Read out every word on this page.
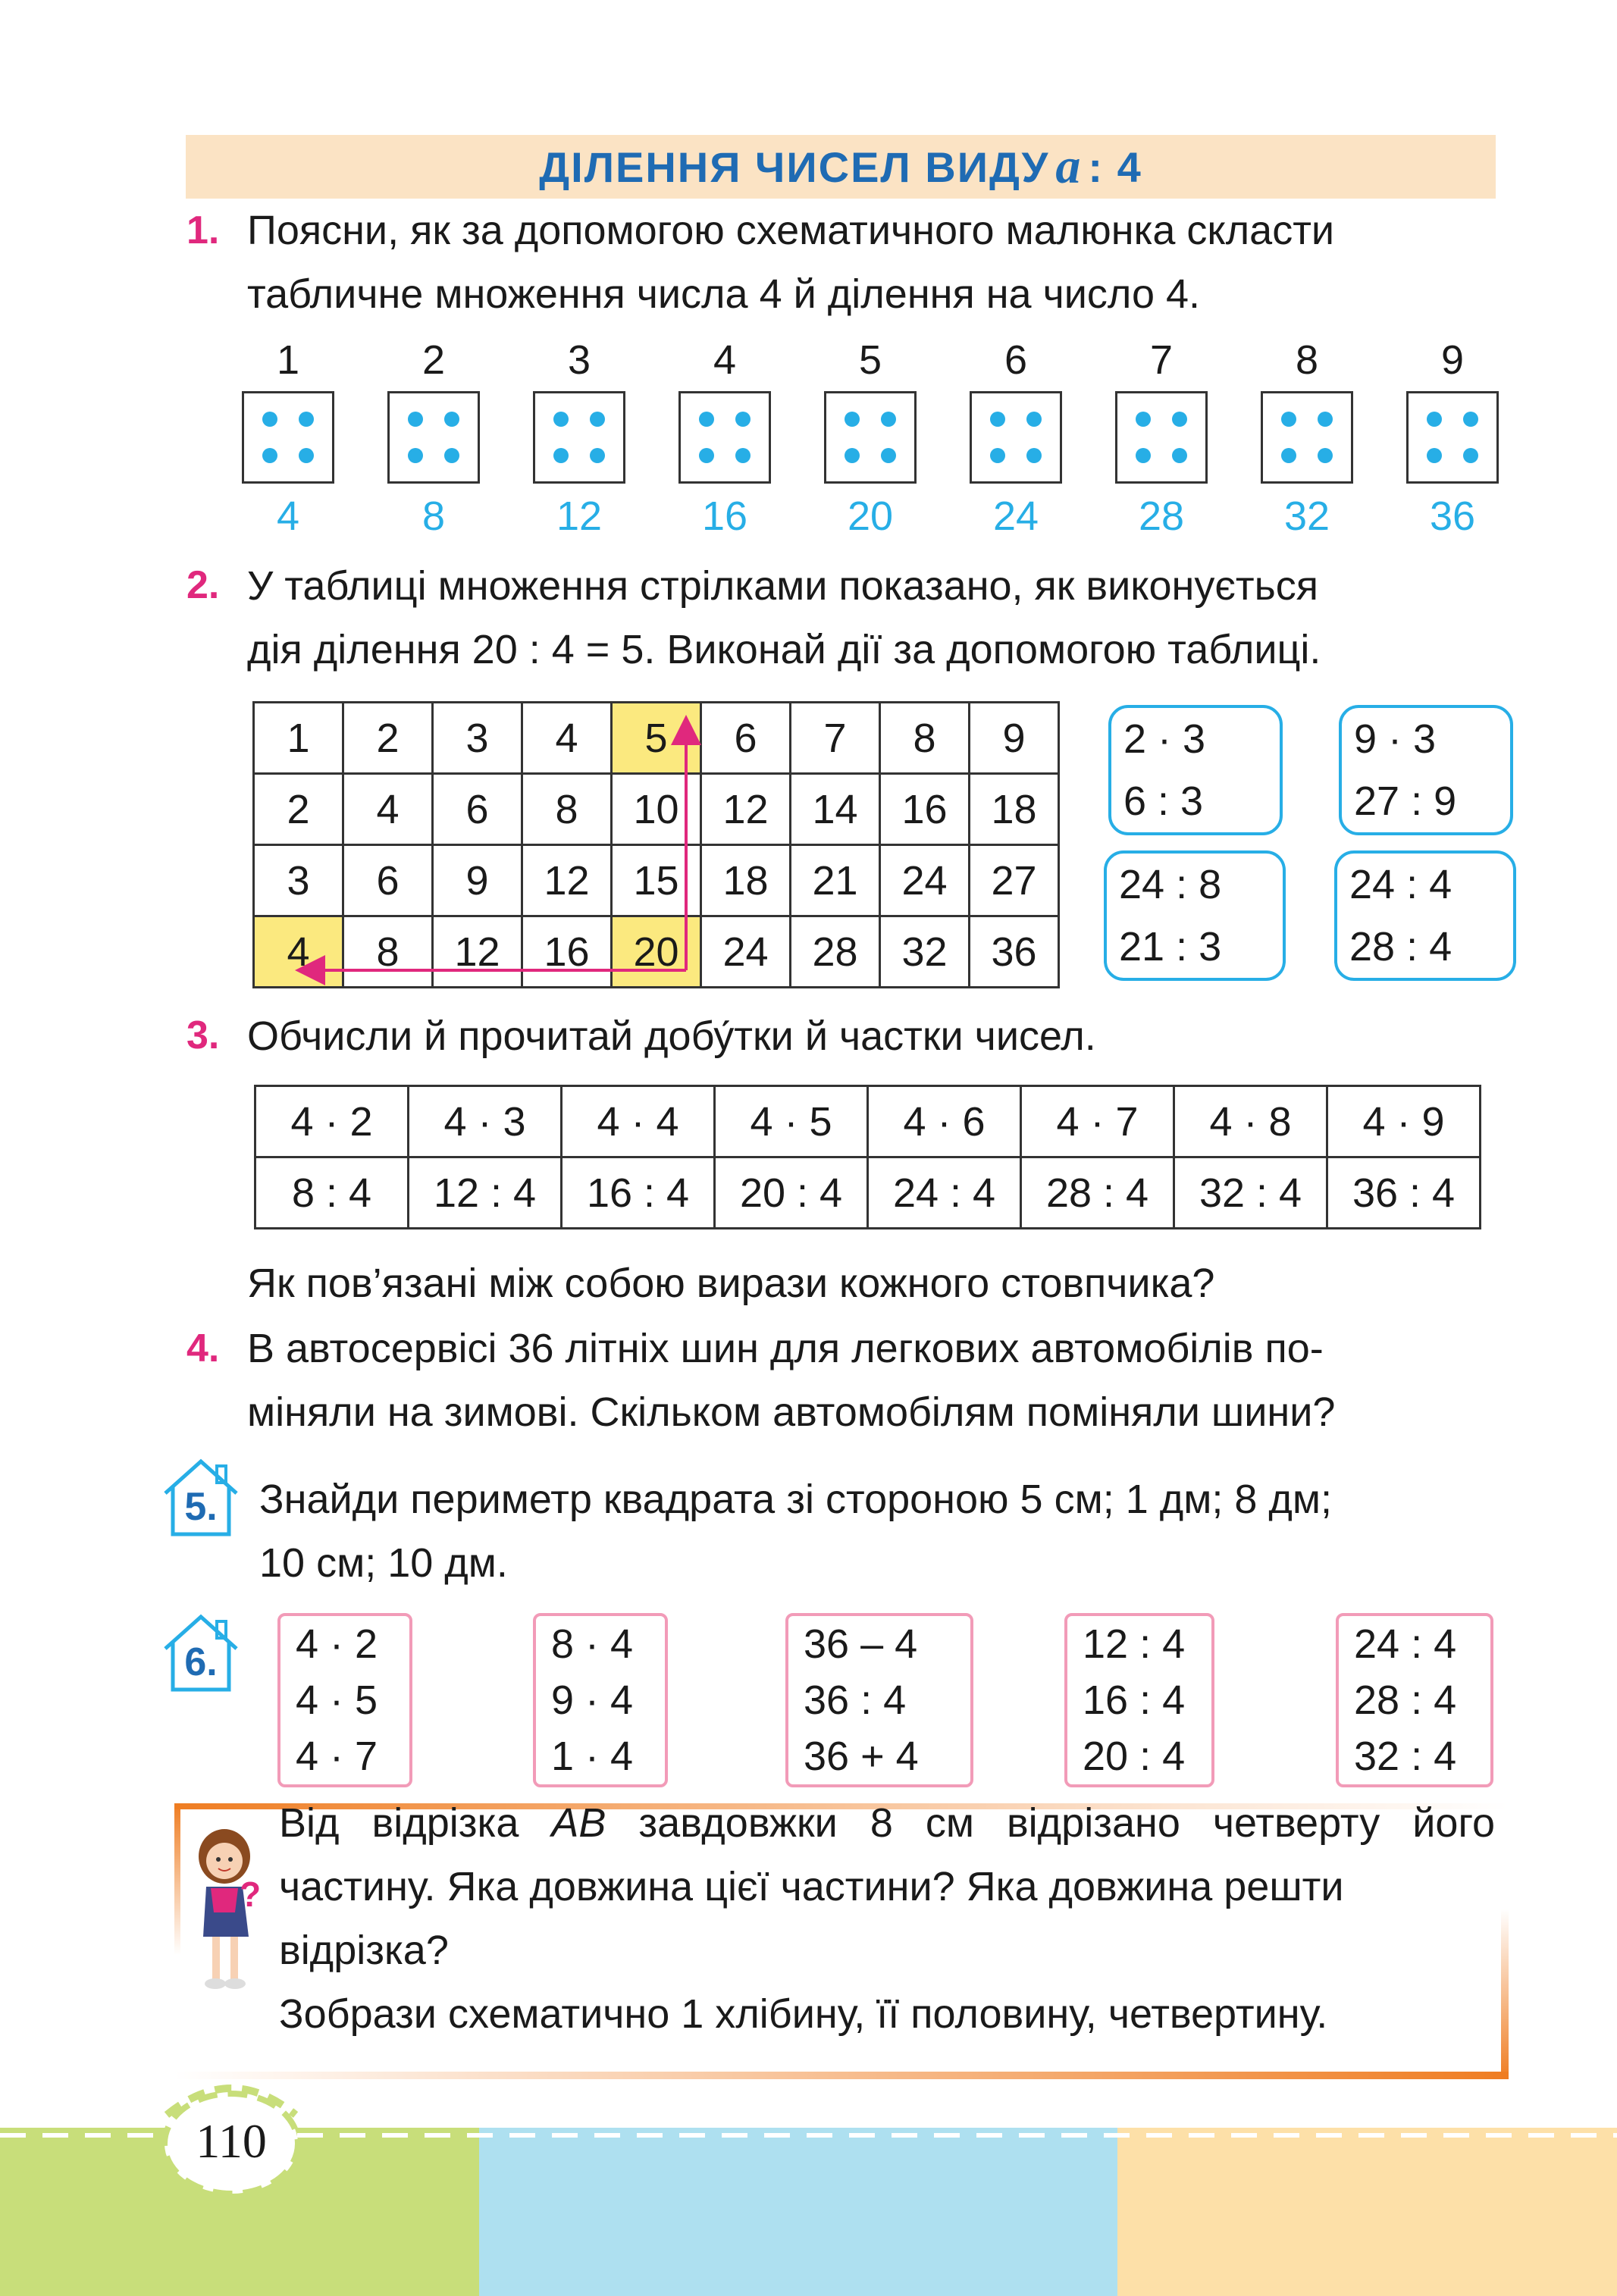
ДІЛЕННЯ ЧИСЕЛ ВИДУ a : 4
1. Поясни, як за допомогою схематичного малюнка скласти
табличне множення числа 4 й ділення на число 4.
1
4
2
8
3
12
4
16
5
20
6
24
7
28
8
32
9
36
2. У таблиці множення стрілками показано, як виконується
дія ділення 20 : 4 = 5. Виконай дії за допомогою таблиці.
1	2	3	4	5	6	7	8	9
2	4	6	8	10	12	14	16	18
3	6	9	12	15	18	21	24	27
4	8	12	16	20	24	28	32	36
2 · 3
6 : 3
9 · 3
27 : 9
24 : 8
21 : 3
24 : 4
28 : 4
3. Обчисли й прочитай добу́тки й частки чисел.
4 · 2	4 · 3	4 · 4	4 · 5	4 · 6	4 · 7	4 · 8	4 · 9
8 : 4	12 : 4	16 : 4	20 : 4	24 : 4	28 : 4	32 : 4	36 : 4
Як пов’язані між собою вирази кожного стовпчика?
4. В автосервісі 36 літніх шин для легкових автомобілів по-
міняли на зимові. Скільком автомобілям поміняли шини?
5.	Знайди периметр квадрата зі стороною 5 см; 1 дм; 8 дм;
10 см; 10 дм.
6.	4 · 2
4 · 5
4 · 7
8 · 4
9 · 4
1 · 4
36 – 4
36 : 4
36 + 4
12 : 4
16 : 4
20 : 4
24 : 4
28 : 4
32 : 4
?
Від відрізка АВ завдовжки 8 см відрізано четверту його
частину. Яка довжина цієї частини? Яка довжина решти
відрізка?
Зобрази схематично 1 хлібину, її половину, четвертину.
110
